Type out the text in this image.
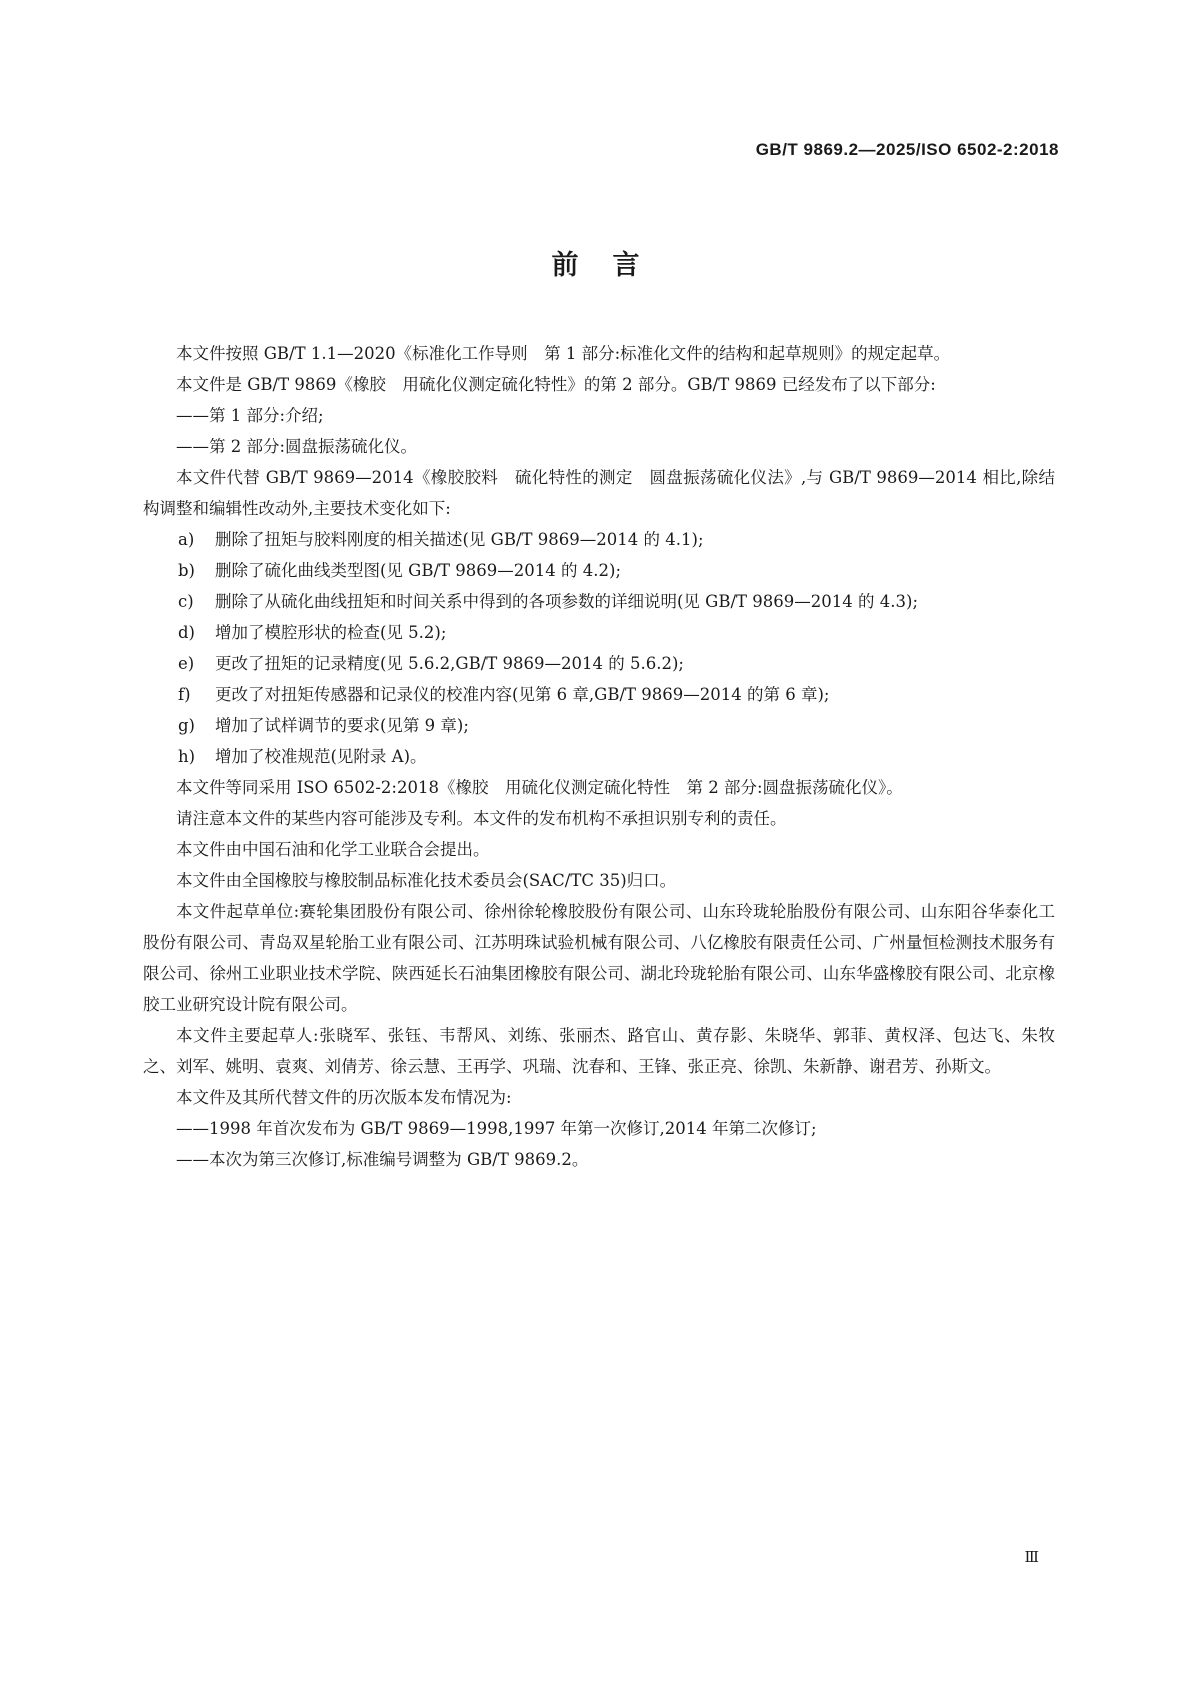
GB/T 9869.2—2025/ISO 6502-2:2018
前言

本文件按照 GB/T 1.1—2020《标准化工作导则　第 1 部分:标准化文件的结构和起草规则》的规定起草。

本文件是 GB/T 9869《橡胶　用硫化仪测定硫化特性》的第 2 部分。GB/T 9869 已经发布了以下部分:

——第 1 部分:介绍;

——第 2 部分:圆盘振荡硫化仪。

本文件代替 GB/T 9869—2014《橡胶胶料　硫化特性的测定　圆盘振荡硫化仪法》,与 GB/T 9869—2014 相比,除结构调整和编辑性改动外,主要技术变化如下:

a) 删除了扭矩与胶料刚度的相关描述(见 GB/T 9869—2014 的 4.1);

b) 删除了硫化曲线类型图(见 GB/T 9869—2014 的 4.2);

c) 删除了从硫化曲线扭矩和时间关系中得到的各项参数的详细说明(见 GB/T 9869—2014 的 4.3);

d) 增加了模腔形状的检查(见 5.2);

e) 更改了扭矩的记录精度(见 5.6.2,GB/T 9869—2014 的 5.6.2);

f) 更改了对扭矩传感器和记录仪的校准内容(见第 6 章,GB/T 9869—2014 的第 6 章);

g) 增加了试样调节的要求(见第 9 章);

h) 增加了校准规范(见附录 A)。

本文件等同采用 ISO 6502-2:2018《橡胶　用硫化仪测定硫化特性　第 2 部分:圆盘振荡硫化仪》。

请注意本文件的某些内容可能涉及专利。本文件的发布机构不承担识别专利的责任。

本文件由中国石油和化学工业联合会提出。

本文件由全国橡胶与橡胶制品标准化技术委员会(SAC/TC 35)归口。

本文件起草单位:赛轮集团股份有限公司、徐州徐轮橡胶股份有限公司、山东玲珑轮胎股份有限公司、山东阳谷华泰化工股份有限公司、青岛双星轮胎工业有限公司、江苏明珠试验机械有限公司、八亿橡胶有限责任公司、广州量恒检测技术服务有限公司、徐州工业职业技术学院、陕西延长石油集团橡胶有限公司、湖北玲珑轮胎有限公司、山东华盛橡胶有限公司、北京橡胶工业研究设计院有限公司。

本文件主要起草人:张晓军、张钰、韦帮风、刘练、张丽杰、路官山、黄存影、朱晓华、郭菲、黄权泽、包达飞、朱牧之、刘军、姚明、袁爽、刘倩芳、徐云慧、王再学、巩瑞、沈春和、王锋、张正亮、徐凯、朱新静、谢君芳、孙斯文。

本文件及其所代替文件的历次版本发布情况为:

——1998 年首次发布为 GB/T 9869—1998,1997 年第一次修订,2014 年第二次修订;

——本次为第三次修订,标准编号调整为 GB/T 9869.2。

Ⅲ
